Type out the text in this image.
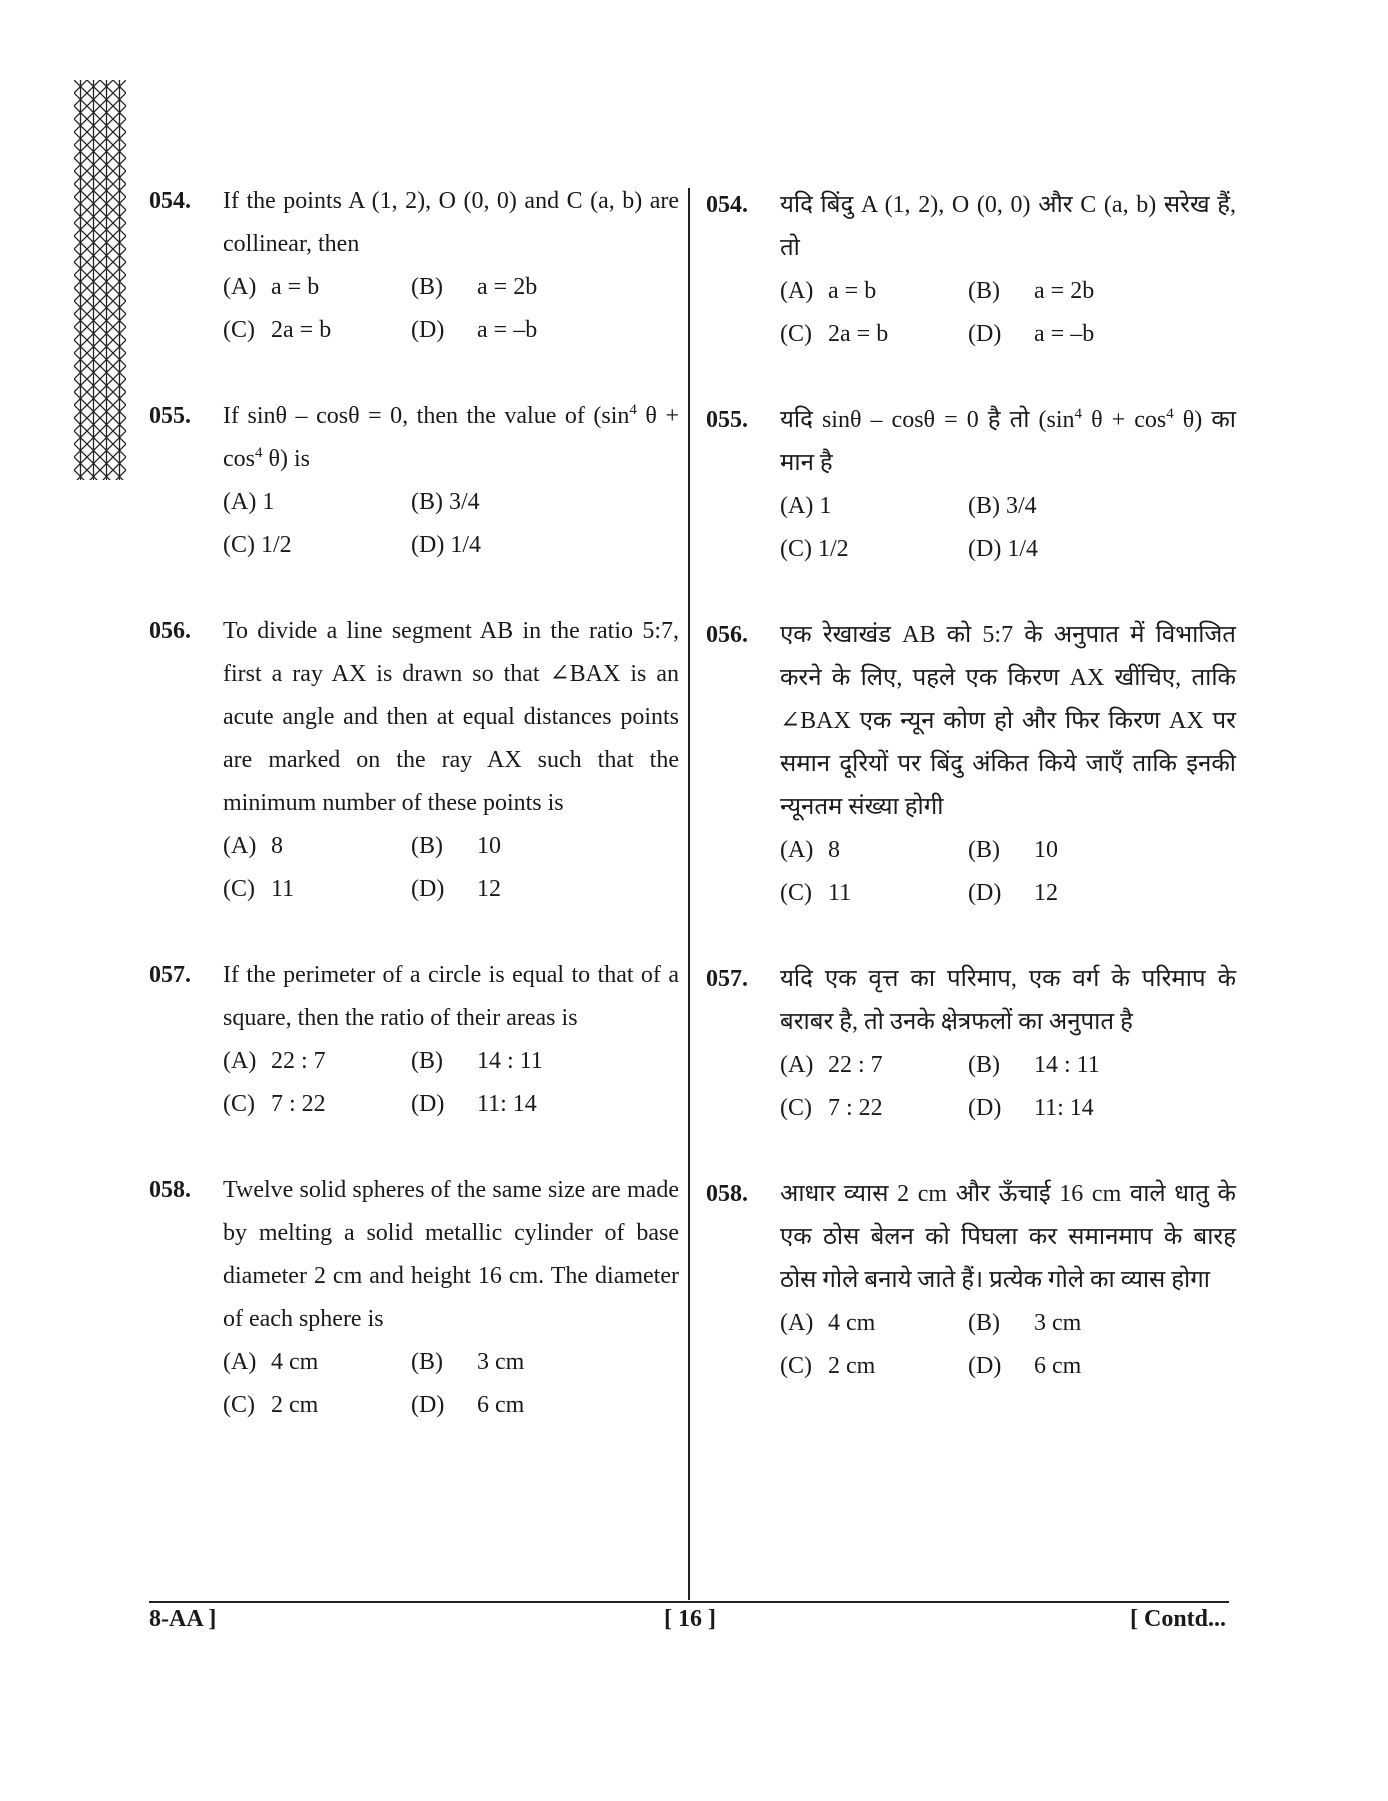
054.	If the points A (1, 2), O (0, 0) and C (a, b) are collinear, then
(A) a = b	(B) a = 2b
(C) 2a = b	(D) a = –b
055.	If sinθ – cosθ = 0, then the value of ($\sin^4$ $\theta + \cos^4 \theta$) is
(A) 1	(B) 3/4
(C) 1/2	(D) 1/4
056.	To divide a line segment AB in the ratio 5:7, first a ray AX is drawn so that ∠BAX is an acute angle and then at equal distances points are marked on the ray AX such that the minimum number of these points is
(A) 8	(B) 10
(C) 11	(D) 12
057.	If the perimeter of a circle is equal to that of a square, then the ratio of their areas is
(A) 22 : 7	(B) 14 : 11
(C) 7 : 22	(D) 11: 14
058.	Twelve solid spheres of the same size are made by melting a solid metallic cylinder of base diameter 2 cm and height 16 cm. The diameter of each sphere is
(A) 4 cm	(B) 3 cm
(C) 2 cm	(D) 6 cm
054.	यदि बिंदु A (1, 2), O (0, 0) और C (a, b) सरेख हैं, तो
(A) a = b	(B) a = 2b
(C) 2a = b	(D) a = –b
055.	यदि sinθ – cosθ = 0 है तो ($\sin^4$ $\theta + \cos^4 \theta$) का मान है
(A) 1	(B) 3/4
(C) 1/2	(D) 1/4
056.	एक रेखाखंड AB को 5:7 के अनुपात में विभाजित करने के लिए, पहले एक किरण AX खींचिए, ताकि ∠BAX एक न्यून कोण हो और फिर किरण AX पर समान दूरियों पर बिंदु अंकित किये जाएँ ताकि इनकी न्यूनतम संख्या होगी
(A) 8	(B) 10
(C) 11	(D) 12
057.	यदि एक वृत्त का परिमाप, एक वर्ग के परिमाप के बराबर है, तो उनके क्षेत्रफलों का अनुपात है
(A) 22 : 7	(B) 14 : 11
(C) 7 : 22	(D) 11: 14
058.	आधार व्यास 2 cm और ऊँचाई 16 cm वाले धातु के एक ठोस बेलन को पिघला कर समानमाप के बारह ठोस गोले बनाये जाते हैं। प्रत्येक गोले का व्यास होगा
(A) 4 cm	(B) 3 cm
(C) 2 cm	(D) 6 cm
8-AA ]	[ 16 ]	[ Contd...
